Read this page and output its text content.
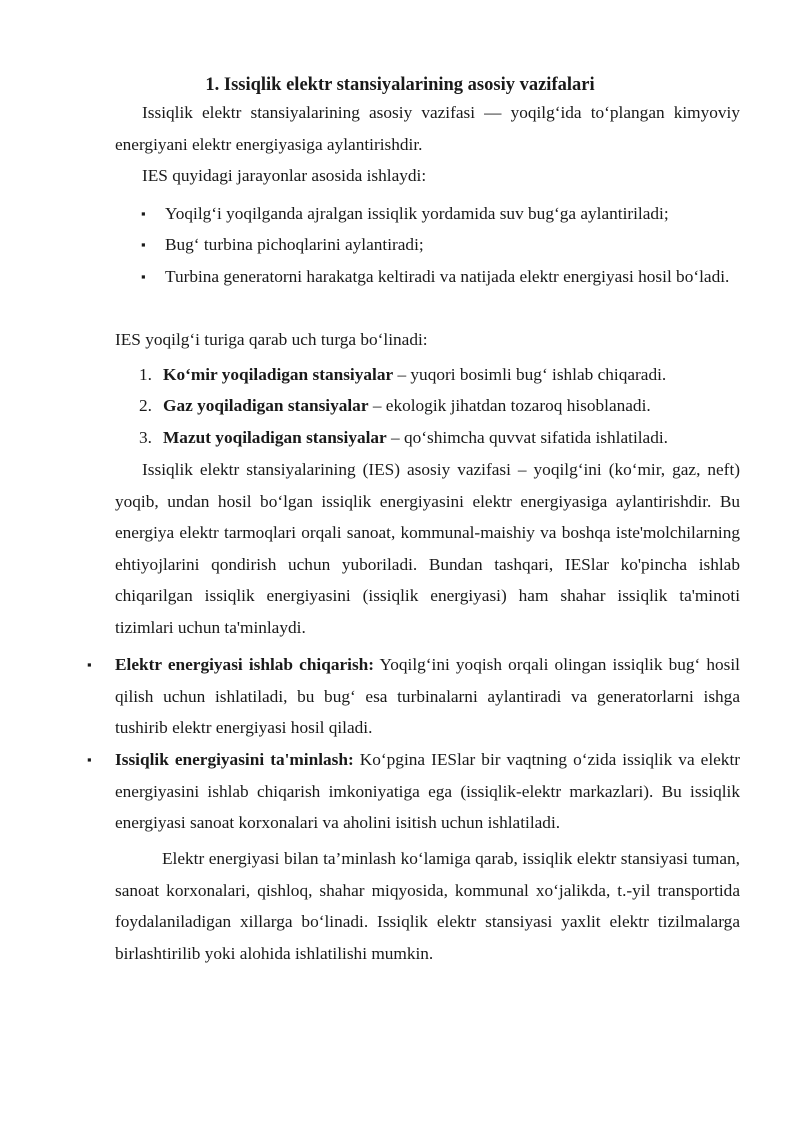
1. Issiqlik elektr stansiyalarining asosiy vazifalari

Issiqlik elektr stansiyalarining asosiy vazifasi — yoqilg‘ida to‘plangan kimyoviy energiyani elektr energiyasiga aylantirishdir.

IES quyidagi jarayonlar asosida ishlaydi:

▪ Yoqilg‘i yoqilganda ajralgan issiqlik yordamida suv bug‘ga aylantiriladi;

▪ Bug‘ turbina pichoqlarini aylantiradi;

▪ Turbina generatorni harakatga keltiradi va natijada elektr energiyasi hosil bo‘ladi.

IES yoqilg‘i turiga qarab uch turga bo‘linadi:

1. Ko‘mir yoqiladigan stansiyalar – yuqori bosimli bug‘ ishlab chiqaradi.

2. Gaz yoqiladigan stansiyalar – ekologik jihatdan tozaroq hisoblanadi.

3. Mazut yoqiladigan stansiyalar – qo‘shimcha quvvat sifatida ishlatiladi.

Issiqlik elektr stansiyalarining (IES) asosiy vazifasi – yoqilg‘ini (ko‘mir, gaz, neft) yoqib, undan hosil bo‘lgan issiqlik energiyasini elektr energiyasiga aylantirishdir. Bu energiya elektr tarmoqlari orqali sanoat, kommunal-maishiy va boshqa iste'molchilarning ehtiyojlarini qondirish uchun yuboriladi. Bundan tashqari, IESlar ko'pincha ishlab chiqarilgan issiqlik energiyasini (issiqlik energiyasi) ham shahar issiqlik ta'minoti tizimlari uchun ta'minlaydi.

▪ Elektr energiyasi ishlab chiqarish: Yoqilg‘ini yoqish orqali olingan issiqlik bug‘ hosil qilish uchun ishlatiladi, bu bug‘ esa turbinalarni aylantiradi va generatorlarni ishga tushirib elektr energiyasi hosil qiladi.

▪ Issiqlik energiyasini ta'minlash: Ko‘pgina IESlar bir vaqtning o‘zida issiqlik va elektr energiyasini ishlab chiqarish imkoniyatiga ega (issiqlik-elektr markazlari). Bu issiqlik energiyasi sanoat korxonalari va aholini isitish uchun ishlatiladi.

Elektr energiyasi bilan ta’minlash ko‘lamiga qarab, issiqlik elektr stansiyasi tuman, sanoat korxonalari, qishloq, shahar miqyosida, kommunal xo‘jalikda, t.-yil transportida foydalaniladigan xillarga bo‘linadi. Issiqlik elektr stansiyasi yaxlit elektr tizilmalarga birlashtirilib yoki alohida ishlatilishi mumkin.
